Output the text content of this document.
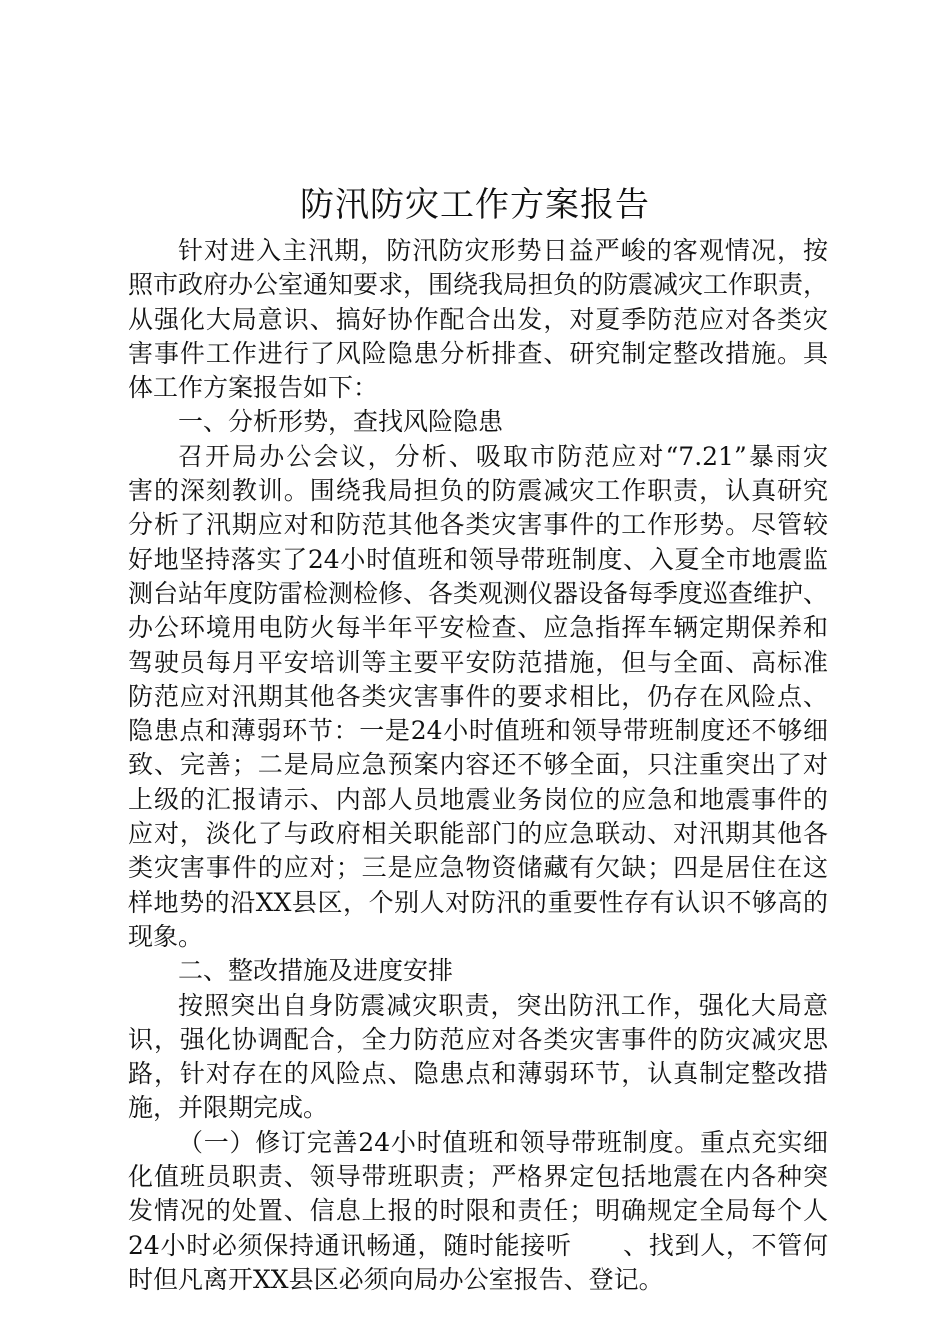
防汛防灾工作方案报告
针对进入主汛期，防汛防灾形势日益严峻的客观情况，按
照市政府办公室通知要求，围绕我局担负的防震减灾工作职责，
从强化大局意识、搞好协作配合出发，对夏季防范应对各类灾
害事件工作进行了风险隐患分析排查、研究制定整改措施。具
体工作方案报告如下：
一、分析形势，查找风险隐患
召开局办公会议，分析、吸取市防范应对“7.21”暴雨灾
害的深刻教训。围绕我局担负的防震减灾工作职责，认真研究
分析了汛期应对和防范其他各类灾害事件的工作形势。尽管较
好地坚持落实了24小时值班和领导带班制度、入夏全市地震监
测台站年度防雷检测检修、各类观测仪器设备每季度巡查维护、
办公环境用电防火每半年平安检查、应急指挥车辆定期保养和
驾驶员每月平安培训等主要平安防范措施，但与全面、高标准
防范应对汛期其他各类灾害事件的要求相比，仍存在风险点、
隐患点和薄弱环节：一是24小时值班和领导带班制度还不够细
致、完善；二是局应急预案内容还不够全面，只注重突出了对
上级的汇报请示、内部人员地震业务岗位的应急和地震事件的
应对，淡化了与政府相关职能部门的应急联动、对汛期其他各
类灾害事件的应对；三是应急物资储藏有欠缺；四是居住在这
样地势的沿XX县区，个别人对防汛的重要性存有认识不够高的
现象。
二、整改措施及进度安排
按照突出自身防震减灾职责，突出防汛工作，强化大局意
识，强化协调配合，全力防范应对各类灾害事件的防灾减灾思
路，针对存在的风险点、隐患点和薄弱环节，认真制定整改措
施，并限期完成。
（一）修订完善24小时值班和领导带班制度。重点充实细
化值班员职责、领导带班职责；严格界定包括地震在内各种突
发情况的处置、信息上报的时限和责任；明确规定全局每个人
24小时必须保持通讯畅通，随时能接听　　、找到人，不管何
时但凡离开XX县区必须向局办公室报告、登记。
